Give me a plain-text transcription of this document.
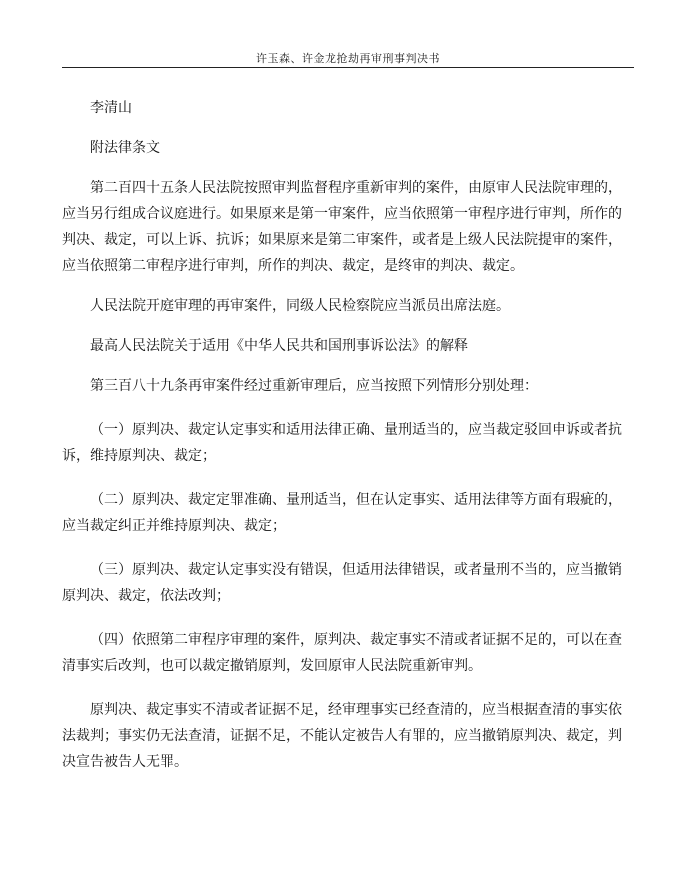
许玉森、许金龙抢劫再审刑事判决书

李清山

附法律条文

第二百四十五条人民法院按照审判监督程序重新审判的案件，由原审人民法院审理的，应当另行组成合议庭进行。如果原来是第一审案件，应当依照第一审程序进行审判，所作的判决、裁定，可以上诉、抗诉；如果原来是第二审案件，或者是上级人民法院提审的案件，应当依照第二审程序进行审判，所作的判决、裁定，是终审的判决、裁定。

人民法院开庭审理的再审案件，同级人民检察院应当派员出席法庭。

最高人民法院关于适用《中华人民共和国刑事诉讼法》的解释

第三百八十九条再审案件经过重新审理后，应当按照下列情形分别处理：

（一）原判决、裁定认定事实和适用法律正确、量刑适当的，应当裁定驳回申诉或者抗诉，维持原判决、裁定；

（二）原判决、裁定定罪准确、量刑适当，但在认定事实、适用法律等方面有瑕疵的，应当裁定纠正并维持原判决、裁定；

（三）原判决、裁定认定事实没有错误，但适用法律错误，或者量刑不当的，应当撤销原判决、裁定，依法改判；

（四）依照第二审程序审理的案件，原判决、裁定事实不清或者证据不足的，可以在查清事实后改判，也可以裁定撤销原判，发回原审人民法院重新审判。

原判决、裁定事实不清或者证据不足，经审理事实已经查清的，应当根据查清的事实依法裁判；事实仍无法查清，证据不足，不能认定被告人有罪的，应当撤销原判决、裁定，判决宣告被告人无罪。
